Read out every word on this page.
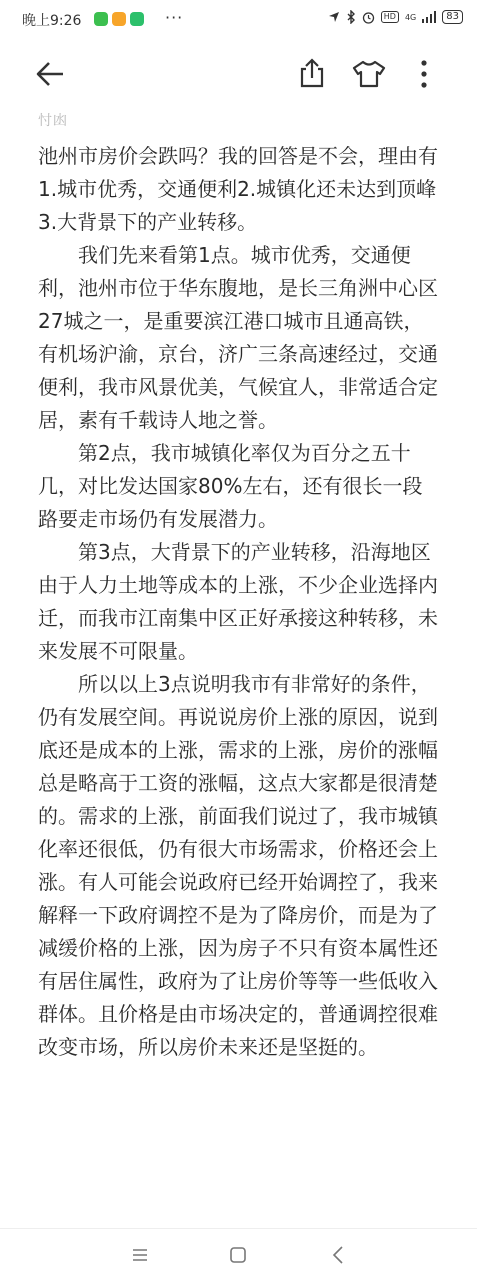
晚上9:26	···	HD	4G	83
忖凼

池州市房价会跌吗？我的回答是不会，理由有1.城市优秀，交通便利2.城镇化还未达到顶峰3.大背景下的产业转移。

我们先来看第1点。城市优秀，交通便利，池州市位于华东腹地，是长三角洲中心区27城之一，是重要滨江港口城市且通高铁，有机场沪渝，京台，济广三条高速经过，交通便利，我市风景优美，气候宜人，非常适合定居，素有千载诗人地之誉。

第2点，我市城镇化率仅为百分之五十几，对比发达国家80%左右，还有很长一段路要走市场仍有发展潜力。

第3点，大背景下的产业转移，沿海地区由于人力土地等成本的上涨，不少企业选择内迁，而我市江南集中区正好承接这种转移，未来发展不可限量。

所以以上3点说明我市有非常好的条件，仍有发展空间。再说说房价上涨的原因，说到底还是成本的上涨，需求的上涨，房价的涨幅总是略高于工资的涨幅，这点大家都是很清楚的。需求的上涨，前面我们说过了，我市城镇化率还很低，仍有很大市场需求，价格还会上涨。有人可能会说政府已经开始调控了，我来解释一下政府调控不是为了降房价，而是为了减缓价格的上涨，因为房子不只有资本属性还有居住属性，政府为了让房价等等一些低收入群体。且价格是由市场决定的，普通调控很难改变市场，所以房价未来还是坚挺的。
